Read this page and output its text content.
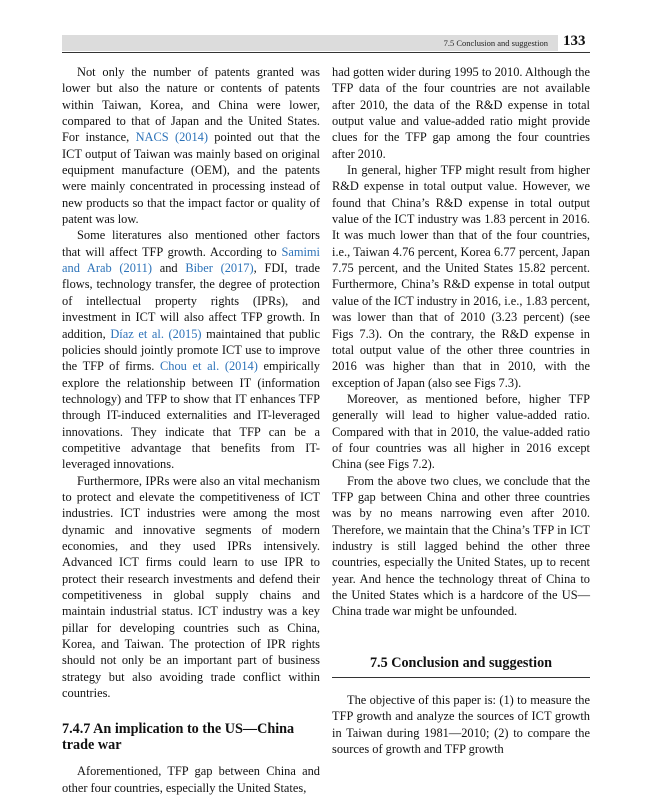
7.5 Conclusion and suggestion 133

Not only the number of patents granted was lower but also the nature or contents of patents within Taiwan, Korea, and China were lower, compared to that of Japan and the United States. For instance, NACS (2014) pointed out that the ICT output of Taiwan was mainly based on original equipment manufacture (OEM), and the patents were mainly concentrated in processing instead of new products so that the impact factor or quality of patent was low.

Some literatures also mentioned other factors that will affect TFP growth. According to Samimi and Arab (2011) and Biber (2017), FDI, trade flows, technology transfer, the degree of protection of intellectual property rights (IPRs), and investment in ICT will also affect TFP growth. In addition, Díaz et al. (2015) maintained that public policies should jointly promote ICT use to improve the TFP of firms. Chou et al. (2014) empirically explore the relationship between IT (information technology) and TFP to show that IT enhances TFP through IT-induced externalities and IT-leveraged innovations. They indicate that TFP can be a competitive advantage that benefits from IT-leveraged innovations.

Furthermore, IPRs were also an vital mechanism to protect and elevate the competitiveness of ICT industries. ICT industries were among the most dynamic and innovative segments of modern economies, and they used IPRs intensively. Advanced ICT firms could learn to use IPR to protect their research investments and defend their competitiveness in global supply chains and maintain industrial status. ICT industry was a key pillar for developing countries such as China, Korea, and Taiwan. The protection of IPR rights should not only be an important part of business strategy but also avoiding trade conflict within countries.

7.4.7 An implication to the US—China trade war

Aforementioned, TFP gap between China and other four countries, especially the United States,

had gotten wider during 1995 to 2010. Although the TFP data of the four countries are not available after 2010, the data of the R&D expense in total output value and value-added ratio might provide clues for the TFP gap among the four countries after 2010.

In general, higher TFP might result from higher R&D expense in total output value. However, we found that China’s R&D expense in total output value of the ICT industry was 1.83 percent in 2016. It was much lower than that of the four countries, i.e., Taiwan 4.76 percent, Korea 6.77 percent, Japan 7.75 percent, and the United States 15.82 percent. Furthermore, China’s R&D expense in total output value of the ICT industry in 2016, i.e., 1.83 percent, was lower than that of 2010 (3.23 percent) (see Figs 7.3). On the contrary, the R&D expense in total output value of the other three countries in 2016 was higher than that in 2010, with the exception of Japan (also see Figs 7.3).

Moreover, as mentioned before, higher TFP generally will lead to higher value-added ratio. Compared with that in 2010, the value-added ratio of four countries was all higher in 2016 except China (see Figs 7.2).

From the above two clues, we conclude that the TFP gap between China and other three countries was by no means narrowing even after 2010. Therefore, we maintain that the China’s TFP in ICT industry is still lagged behind the other three countries, especially the United States, up to recent year. And hence the technology threat of China to the United States which is a hardcore of the US—China trade war might be unfounded.

7.5 Conclusion and suggestion

The objective of this paper is: (1) to measure the TFP growth and analyze the sources of ICT growth in Taiwan during 1981—2010; (2) to compare the sources of growth and TFP growth
